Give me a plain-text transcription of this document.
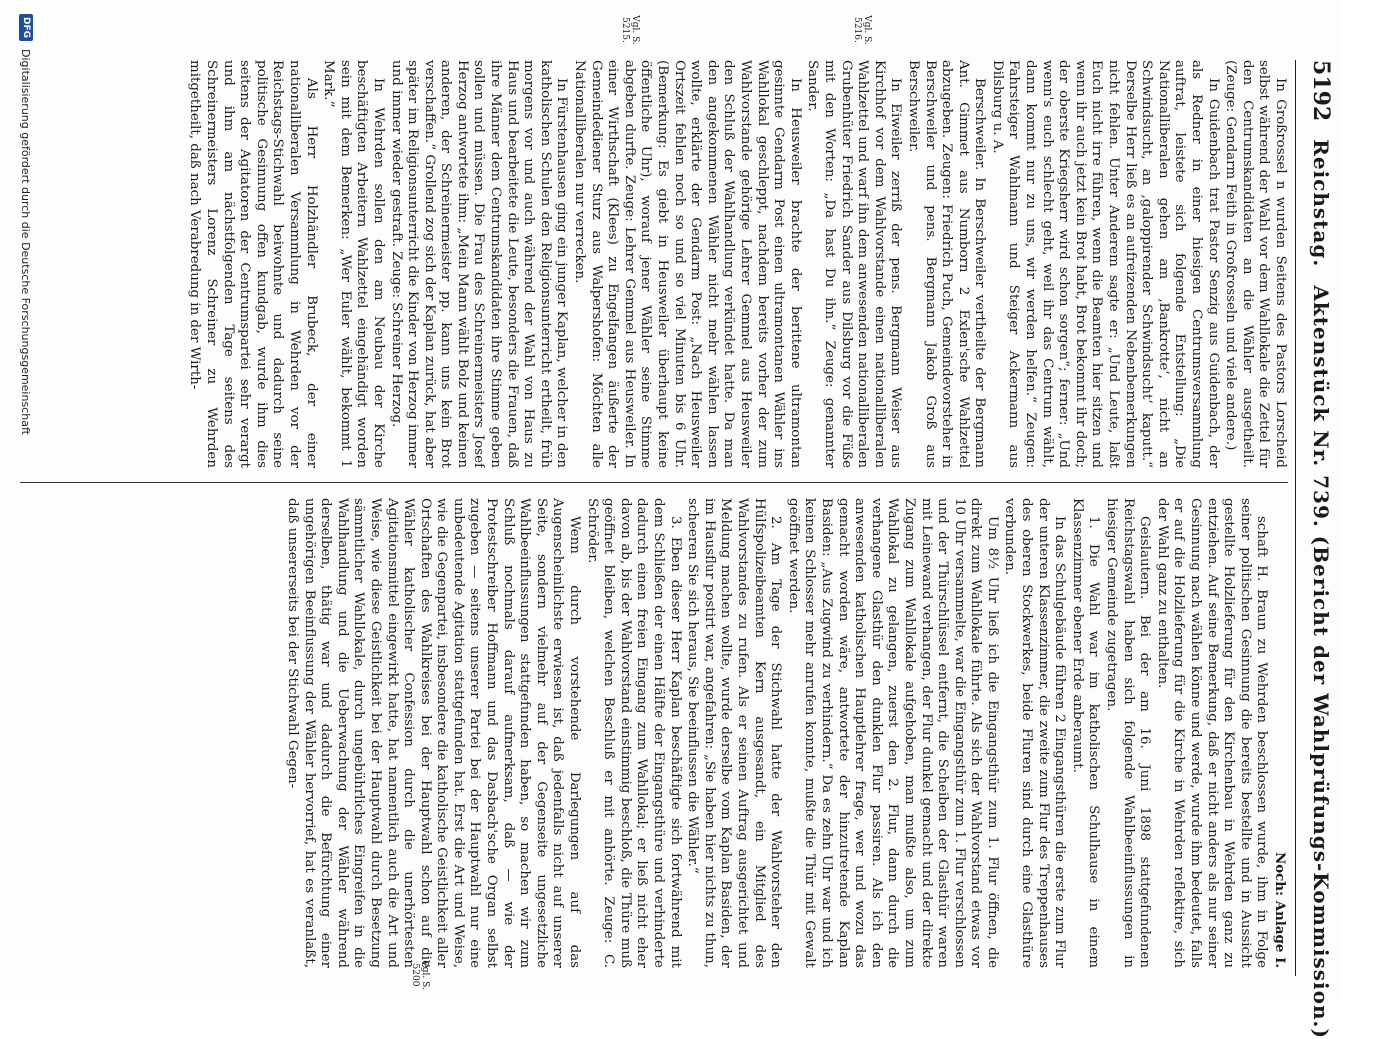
5192
Reichstag.
Aktenstück Nr. 739. (Bericht der Wahlprüfungs-Kommission.)
Vgl. S. 5216.
Vgl. S. 5215.
Vgl. S. 5200

In Großrossel n wurden Seitens des Pastors Lorscheid selbst während der Wahl vor dem Wahllokale die Zettel für den Centrumskandidaten an die Wähler ausgetheilt. (Zeuge: Gendarm Feith in Großrosseln und viele andere.)

In Guidenbach trat Pastor Senzig aus Guidenbach, der als Redner in einer hiesigen Centrumsversammlung auftrat, leistete sich folgende Entstellung: „Die Nationalliberalen gehen am ‚Bankrotte‘, nicht an Schwindsucht, an ‚galoppirender Schwindsucht‘ kaputt.“ Derselbe Herr ließ es an aufreizenden Nebenbemerkungen nicht fehlen. Unter Anderem sagte er: „Und Leute, laßt Euch nicht irre führen, wenn die Beamten hier sitzen und wenn ihr auch jetzt kein Brot habt, Brot bekommt ihr doch; der oberste Kriegsherr wird schon sorgen“; ferner: „Und wenn's euch schlecht geht, weil ihr das Centrum wählt, dann kommt nur zu uns, wir werden helfen.“ Zeugen: Fahrsteiger Wahlmann und Steiger Ackermann aus Dilsburg u. A.

Berschweiler. In Berschweiler vertheilte der Bergmann Ant. Gimmet aus Numborn 2 Exlen'sche Wahlzettel abzugeben. Zeugen: Friedrich Puch, Gemeindevorsteher in Berschweiler und pens. Bergmann Jakob Groß aus Berschweiler.

In Eiweiler zerriß der pens. Bergmann Weiser aus Kirchhof vor dem Wahlvorstande einen nationalliberalen Wahlzettel und warf ihn dem anwesenden nationalliberalen Grubenhüter Friedrich Sander aus Dilsburg vor die Füße mit den Worten: „Da hast Du ihn.“ Zeuge: genannter Sander.

In Heusweiler brachte der berittene ultramontan gesinnte Gendarm Post einen ultramontanen Wähler ins Wahllokal geschleppt, nachdem bereits vorher der zum Wahlvorstande gehörige Lehrer Gemmel aus Heusweiler den Schluß der Wahlhandlung verkündet hatte. Da man den angekommenen Wähler nicht mehr wählen lassen wollte, erklärte der Gendarm Post: „Nach Heusweiler Ortszeit fehlen noch so und so viel Minuten bis 6 Uhr. (Bemerkung: Es giebt in Heusweiler überhaupt keine öffentliche Uhr), worauf jener Wähler seine Stimme abgeben durfte. Zeuge: Lehrer Gemmel aus Heusweiler. In einer Wirthschaft (Klees) zu Engelfangen äußerte der Gemeindediener Sturz aus Walpershofen: Möchten alle Nationalliberalen nur verrecken.

In Fürstenhausen ging ein junger Kaplan, welcher in den katholischen Schulen den Religionsunterricht ertheilt, früh morgens vor und auch während der Wahl von Haus zu Haus und bearbeitete die Leute, besonders die Frauen, daß ihre Männer dem Centrumskandidaten ihre Stimme geben sollen und müssen. Die Frau des Schreinermeisters Josef Herzog antwortete ihm: „Mein Mann wählt Bolz und keinen anderen, der Schreinermeister pp. kann uns kein Brot verschaffen.“ Grollend zog sich der Kaplan zurück, hat aber später im Religionsunterricht die Kinder von Herzog immer und immer wieder gestraft. Zeuge: Schreiner Herzog.

In Wehrden sollen den am Neubau der Kirche beschäftigten Arbeitern Wahlzettel eingehändigt worden sein mit dem Bemerken: „Wer Euler wählt, bekommt 1 Mark.“

Als Herr Holzhändler Brubeck, der einer nationalliberalen Versammlung in Wehrden vor der Reichstags-Stichwahl beiwohnte und dadurch seine politische Gesinnung offen kundgab, wurde ihm dies seitens der Agitatoren der Centrumspartei sehr verargt und ihm am nächstfolgenden Tage seitens des Schreinermeisters Lorenz Schreiner zu Wehrden mitgetheilt, daß nach Verabredung in der Wirth-

Noch: Anlage I.

schaft H. Braun zu Wehrden beschlossen wurde, ihm in Folge seiner politischen Gesinnung die bereits bestellte und in Aussicht gestellte Holzlieferung für den Kirchenbau in Wehrden ganz zu entziehen. Auf seine Bemerkung, daß er nicht anders als nur seiner Gesinnung nach wählen könne und werde, wurde ihm bedeutet, falls er auf die Holzlieferung für die Kirche in Wehrden reflektire, sich der Wahl ganz zu enthalten.

Geislautern. Bei der am 16. Juni 1898 stattgefundenen Reichstagswahl haben sich folgende Wahlbeeinflussungen in hiesiger Gemeinde zugetragen.

1. Die Wahl war im katholischen Schulhause in einem Klassenzimmer ebener Erde anberaumt.

In das Schulgebäude führen 2 Eingangsthüren die erste zum Flur der unteren Klassenzimmer, die zweite zum Flur des Treppenhauses des oberen Stockwerkes, beide Fluren sind durch eine Glasthüre verbunden.

Um 8½ Uhr ließ ich die Eingangsthür zum 1. Flur öffnen, die direkt zum Wahllokale führte. Als sich der Wahlvorstand etwas vor 10 Uhr versammelte, war die Eingangsthür zum 1. Flur verschlossen und der Thürschlüssel entfernt, die Scheiben der Glasthür waren mit Leinewand verhangen, der Flur dunkel gemacht und der direkte Zugang zum Wahllokale aufgehoben, man mußte also, um zum Wahllokal zu gelangen, zuerst den 2. Flur, dann durch die verhangene Glasthür den dunklen Flur passiren. Als ich den anwesenden katholischen Hauptlehrer frage, wer und wozu das gemacht worden wäre, antwortete der hinzutretende Kaplan Basiden: „Aus Zugwind zu verhindern.“ Da es zehn Uhr war und ich keinen Schlosser mehr anrufen konnte, mußte die Thür mit Gewalt geöffnet werden.

2. Am Tage der Stichwahl hatte der Wahlvorsteher den Hülfspolizeibeamten Kern ausgesandt, ein Mitglied des Wahlvorstandes zu rufen. Als er seinen Auftrag ausgerichtet und Meldung machen wollte, wurde derselbe vom Kaplan Basiden, der im Hausflur postirt war, angefahren: „Sie haben hier nichts zu thun, scheeren Sie sich heraus, Sie beeinflussen die Wähler.“

3. Eben dieser Herr Kaplan beschäftigte sich fortwährend mit dem Schließen der einen Hälfte der Eingangsthüre und verhinderte dadurch einen freien Eingang zum Wahllokal; er ließ nicht eher davon ab, bis der Wahlvorstand einstimmig beschloß, die Thüre muß geöffnet bleiben, welchen Beschluß er mit anhörte. Zeuge: C. Schröder.

Wenn durch vorstehende Darlegungen auf das Augenscheinlichste erwiesen ist, daß jedenfalls nicht auf unserer Seite, sondern vielmehr auf der Gegenseite ungesetzliche Wahlbeeinflussungen stattgefunden haben, so machen wir zum Schluß nochmals darauf aufmerksam, daß — wie der Protestschreiber Hoffmann und das Dasbach'sche Organ selbst zugeben — seitens unserer Partei bei der Hauptwahl nur eine unbedeutende Agitation stattgefunden hat. Erst die Art und Weise, wie die Gegenpartei, insbesondere die katholische Geistlichkeit aller Ortschaften des Wahlkreises bei der Hauptwahl schon auf die Wähler katholischer Confession durch die unerhörtesten Agitationsmittel eingewirkt hatte, hat namentlich auch die Art und Weise, wie diese Geistlichkeit bei der Hauptwahl durch Besetzung sämmtlicher Wahllokale, durch ungebührliches Eingreifen in die Wahlhandlung und die Ueberwachung der Wähler während derselben, thätig war und dadurch die Befürchtung einer ungehörigen Beeinflussung der Wähler hervorrief, hat es veranlaßt, daß unsererseits bei der Stichwahl Gegen-

DFG
Digitalisierung gefördert durch die Deutsche Forschungsgemeinschaft
